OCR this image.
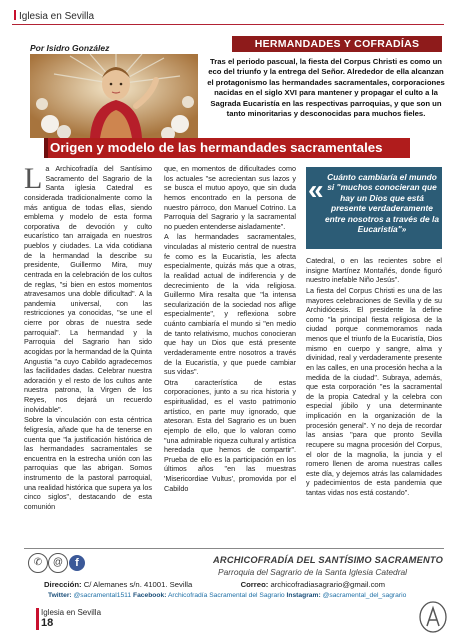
Iglesia en Sevilla
Por Isidro González	HERMANDADES Y COFRADÍAS
Tras el periodo pascual, la fiesta del Corpus Christi es como un eco del triunfo y la entrega del Señor. Alrededor de ella alcanzan el protagonismo las hermandades sacramentales, corporaciones nacidas en el siglo XVI para mantener y propagar el culto a la Sagrada Eucaristía en las respectivas parroquias, y que son un tanto minoritarias y desconocidas para muchos fieles.
Origen y modelo de las hermandades sacramentales
L a Archicofradía del Santísimo Sacramento del Sagrario de la Santa iglesia Catedral es considerada tradicionalmente como la más antigua de todas ellas, siendo emblema y modelo de esta forma corporativa de devoción y culto eucarístico tan arraigada en nuestros pueblos y ciudades. La vida cotidiana de la hermandad la describe su presidente, Guillermo Mira, muy centrada en la celebración de los cultos de reglas, "si bien en estos momentos atravesamos una doble dificultad". A la pandemia universal, con las restricciones ya conocidas, "se une el cierre por obras de nuestra sede parroquial". La hermandad y la Parroquia del Sagrario han sido acogidas por la hermandad de la Quinta Angustia "a cuyo Cabildo agradecemos las facilidades dadas. Celebrar nuestra adoración y el resto de los cultos ante nuestra patrona, la Virgen de los Reyes, nos dejará un recuerdo inolvidable".

Sobre la vinculación con esta céntrica feligresía, añade que ha de tenerse en cuenta que "la justificación histórica de las hermandades sacramentales se encuentra en la estrecha unión con las parroquias que las abrigan. Somos instrumento de la pastoral parroquial, una realidad histórica que supera ya los cinco siglos", destacando de esta comunión

que, en momentos de dificultades como los actuales "se acrecientan sus lazos y se busca el mutuo apoyo, que sin duda hemos encontrado en la persona de nuestro párroco, don Manuel Cotrino. La Parroquia del Sagrario y la sacramental no pueden entenderse aisladamente".

A las hermandades sacramentales, vinculadas al misterio central de nuestra fe como es la Eucaristía, les afecta especialmente, quizás más que a otras, la realidad actual de indiferencia y de decrecimiento de la vida religiosa. Guillermo Mira resalta que "la intensa secularización de la sociedad nos aflige especialmente", y reflexiona sobre cuánto cambiaría el mundo si "en medio de tanto relativismo, muchos conocieran que hay un Dios que está presente verdaderamente entre nosotros a través de la Eucaristía, y que puede cambiar sus vidas".

Otra característica de estas corporaciones, junto a su rica historia y espiritualidad, es el vasto patrimonio artístico, en parte muy ignorado, que atesoran. Esta del Sagrario es un buen ejemplo de ello, que lo valoran como "una admirable riqueza cultural y artística heredada que hemos de compartir". Prueba de ello es la participación en los últimos años "en las muestras 'Misericordiae Vultus', promovida por el Cabildo

« Cuánto cambiaría el mundo si "muchos conocieran que hay un Dios que está presente verdaderamente entre nosotros a través de la Eucaristía"»

Catedral, o en las recientes sobre el insigne Martínez Montañés, donde figuró nuestro inefable Niño Jesús".

La fiesta del Corpus Christi es una de las mayores celebraciones de Sevilla y de su Archidiócesis. El presidente la define como "la principal fiesta religiosa de la ciudad porque conmemoramos nada menos que el triunfo de la Eucaristía, Dios mismo en cuerpo y sangre, alma y divinidad, real y verdaderamente presente en las calles, en una procesión hecha a la medida de la ciudad". Subraya, además, que esta corporación "es la sacramental de la propia Catedral y la celebra con especial júbilo y una determinante implicación en la organización de la procesión general". Y no deja de recordar las ansias "para que pronto Sevilla recupere su magna procesión del Corpus, el olor de la magnolia, la juncia y el romero llenen de aroma nuestras calles este día, y dejemos atrás las calamidades y padecimientos de esta pandemia que tantas vidas nos está costando".

✆	@	f	ARCHICOFRADÍA DEL SANTÍSIMO SACRAMENTO
Parroquia del Sagrario de la Santa Iglesia Catedral
Dirección: C/ Alemanes s/n. 41001. Sevilla	Correo: archicofradiasagrario@gmail.com
Twitter: @sacramental1511 Facebook: Archicofradía Sacramental del Sagrario Instagram: @sacramental_del_sagrario
Iglesia en Sevilla
18
